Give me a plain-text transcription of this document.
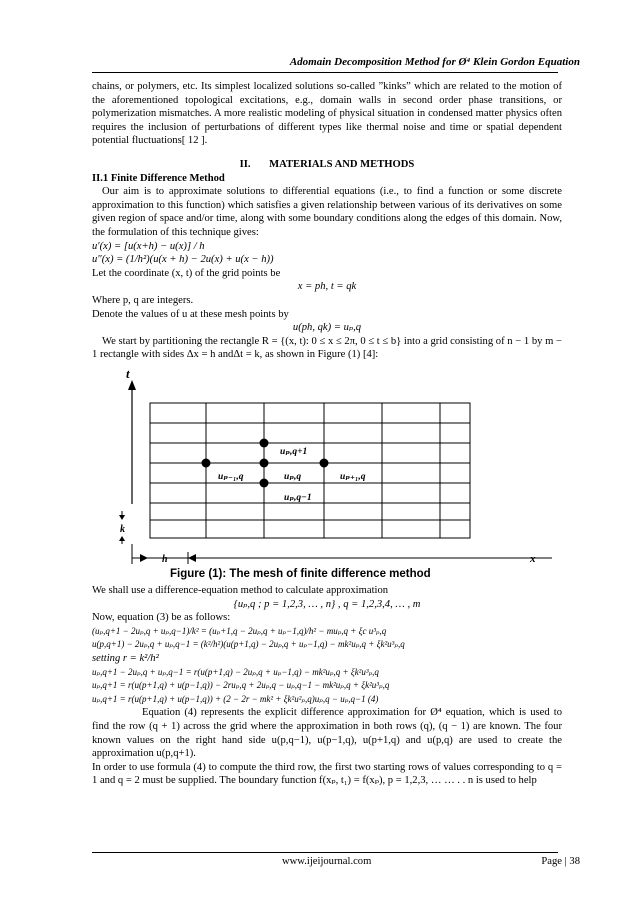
Adomain Decomposition Method for Ø⁴ Klein Gordon Equation

chains, or polymers, etc. Its simplest localized solutions so-called ”kinks” which are related to the motion of the aforementioned topological excitations, e.g., domain walls in second order phase transitions, or polymerization mismatches. A more realistic modeling of physical situation in condensed matter physics often requires the inclusion of perturbations of different types like thermal noise and time or spatial dependent potential fluctuations[ 12 ].

II. MATERIALS AND METHODS

II.1 Finite Difference Method

Our aim is to approximate solutions to differential equations (i.e., to find a function or some discrete approximation to this function) which satisfies a given relationship between various of its derivatives on some given region of space and/or time, along with some boundary conditions along the edges of this domain. Now, the formulation of this technique gives:

u′(x) = [u(x+h) − u(x)] / h

u″(x) = (1/h²)(u(x + h) − 2u(x) + u(x − h))

Let the coordinate (x, t) of the grid points be

x = ph, t = qk

Where p, q are integers.

Denote the values of u at these mesh points by

u(ph, qk) = uₚ,q

We start by partitioning the rectangle R = {(x, t): 0 ≤ x ≤ 2π, 0 ≤ t ≤ b} into a grid consisting of n − 1 by m − 1 rectangle with sides Δx = h andΔt = k, as shown in Figure (1) [4]:

t
uₚ,q+1
uₚ₋₁,q	uₚ,q	uₚ₊₁,q
uₚ,q−1
k
h	x
Figure (1): The mesh of finite difference method

We shall use a difference-equation method to calculate approximation

{uₚ,q ; p = 1,2,3, … , n} , q = 1,2,3,4, … , m

Now, equation (3) be as follows:

(uₚ,q+1 − 2uₚ,q + uₚ,q−1)/k² = (uₚ+1,q − 2uₚ,q + uₚ−1,q)/h² − muₚ,q + ξc u³ₚ,q

u(p,q+1) − 2uₚ,q + uₚ,q−1 = (k²/h²)(u(p+1,q) − 2uₚ,q + uₚ−1,q) − mk²uₚ,q + ξk²u³ₚ,q

setting r = k²/h²

uₚ,q+1 − 2uₚ,q + uₚ,q−1 = r(u(p+1,q) − 2uₚ,q + uₚ−1,q) − mk²uₚ,q + ξk²u³ₚ,q

uₚ,q+1 = r(u(p+1,q) + u(p−1,q)) − 2ruₚ,q + 2uₚ,q − uₚ,q−1 − mk²uₚ,q + ξk²u³ₚ,q

uₚ,q+1 = r(u(p+1,q) + u(p−1,q)) + (2 − 2r − mk² + ξk²u²ₚ,q)uₚ,q − uₚ,q−1 (4)

Equation (4) represents the explicit difference approximation for Ø⁴ equation, which is used to find the row (q + 1) across the grid where the approximation in both rows (q), (q − 1) are known. The four known values on the right hand side u(p,q−1), u(p−1,q), u(p+1,q) and u(p,q) are used to create the approximation u(p,q+1).

In order to use formula (4) to compute the third row, the first two starting rows of values corresponding to q = 1 and q = 2 must be supplied. The boundary function f(xₚ, t₁) = f(xₚ), p = 1,2,3, … … . . n is used to help

www.ijeijournal.com	Page | 38
